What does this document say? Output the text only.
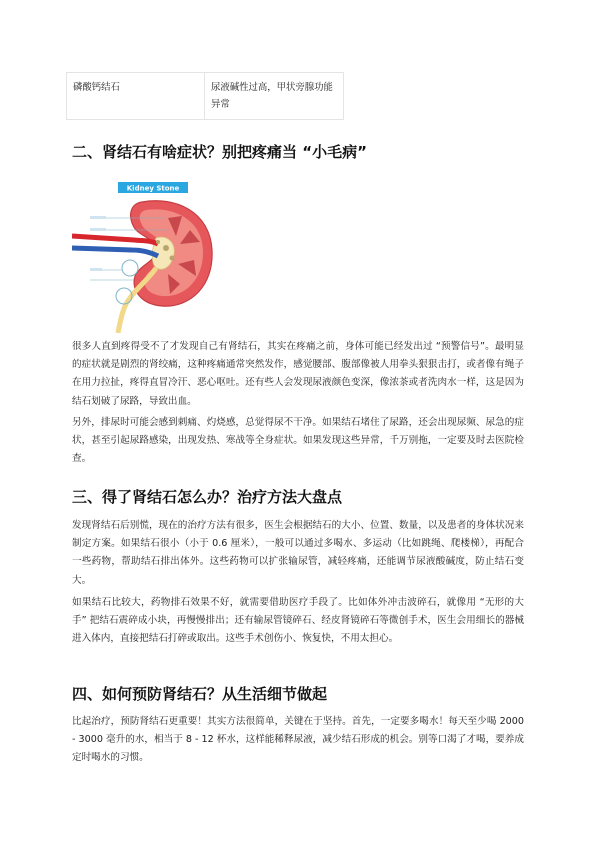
磷酸钙结石	尿液碱性过高，甲状旁腺功能异常
二、肾结石有啥症状？别把疼痛当 “小毛病”
Kidney Stone

很多人直到疼得受不了才发现自己有肾结石，其实在疼痛之前，身体可能已经发出过 “预警信号”。最明显的症状就是剧烈的肾绞痛，这种疼痛通常突然发作，感觉腰部、腹部像被人用拳头狠狠击打，或者像有绳子在用力拉扯，疼得直冒冷汗、恶心呕吐。还有些人会发现尿液颜色变深，像浓茶或者洗肉水一样，这是因为结石划破了尿路，导致出血。

另外，排尿时可能会感到刺痛、灼烧感，总觉得尿不干净。如果结石堵住了尿路，还会出现尿频、尿急的症状，甚至引起尿路感染，出现发热、寒战等全身症状。如果发现这些异常，千万别拖，一定要及时去医院检查。

三、得了肾结石怎么办？治疗方法大盘点

发现肾结石后别慌，现在的治疗方法有很多，医生会根据结石的大小、位置、数量，以及患者的身体状况来制定方案。如果结石很小（小于 0.6 厘米），一般可以通过多喝水、多运动（比如跳绳、爬楼梯），再配合一些药物，帮助结石排出体外。这些药物可以扩张输尿管，减轻疼痛，还能调节尿液酸碱度，防止结石变大。

如果结石比较大，药物排石效果不好，就需要借助医疗手段了。比如体外冲击波碎石，就像用 “无形的大手” 把结石震碎成小块，再慢慢排出；还有输尿管镜碎石、经皮肾镜碎石等微创手术，医生会用细长的器械进入体内，直接把结石打碎或取出。这些手术创伤小、恢复快，不用太担心。

四、如何预防肾结石？从生活细节做起

比起治疗，预防肾结石更重要！其实方法很简单，关键在于坚持。首先，一定要多喝水！每天至少喝 2000 - 3000 毫升的水，相当于 8 - 12 杯水，这样能稀释尿液，减少结石形成的机会。别等口渴了才喝，要养成定时喝水的习惯。
